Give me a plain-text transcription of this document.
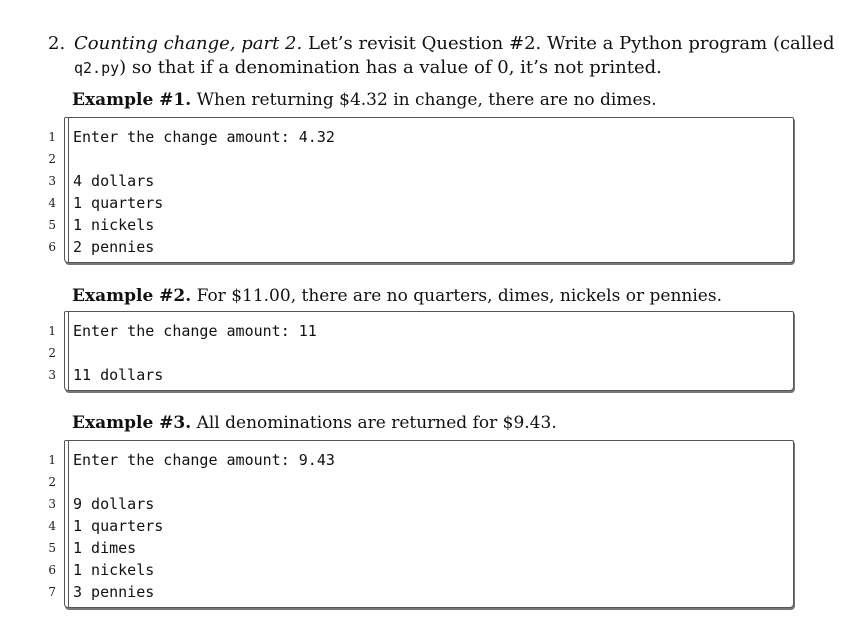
2. Counting change, part 2. Let’s revisit Question #2. Write a Python program (called
q2.py) so that if a denomination has a value of 0, it’s not printed.
Example #1. When returning $4.32 in change, there are no dimes.
1 Enter the change amount: 4.32
2
3 4 dollars
4 1 quarters
5 1 nickels
6 2 pennies
Example #2. For $11.00, there are no quarters, dimes, nickels or pennies.
1 Enter the change amount: 11
2
3 11 dollars
Example #3. All denominations are returned for $9.43.
1 Enter the change amount: 9.43
2
3 9 dollars
4 1 quarters
5 1 dimes
6 1 nickels
7 3 pennies
